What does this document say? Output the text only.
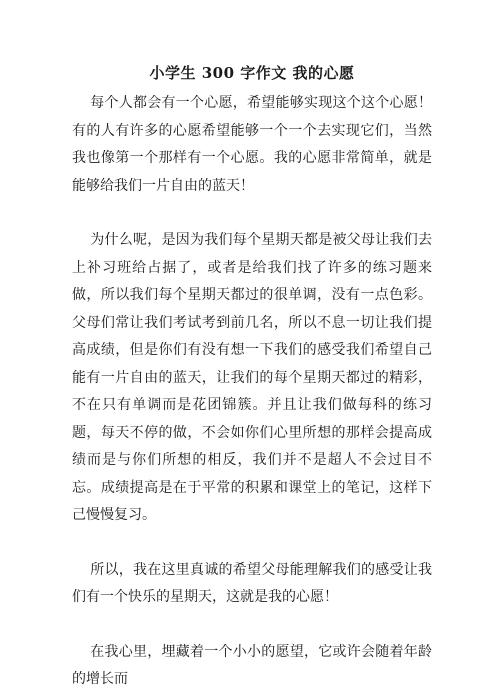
小学生 300 字作文 我的心愿

每个人都会有一个心愿，希望能够实现这个这个心愿！有的人有许多的心愿希望能够一个一个去实现它们，当然我也像第一个那样有一个心愿。我的心愿非常简单，就是能够给我们一片自由的蓝天！

为什么呢，是因为我们每个星期天都是被父母让我们去上补习班给占据了，或者是给我们找了许多的练习题来做，所以我们每个星期天都过的很单调，没有一点色彩。父母们常让我们考试考到前几名，所以不息一切让我们提高成绩，但是你们有没有想一下我们的感受我们希望自己能有一片自由的蓝天，让我们的每个星期天都过的精彩，不在只有单调而是花团锦簇。并且让我们做每科的练习题，每天不停的做，不会如你们心里所想的那样会提高成绩而是与你们所想的相反，我们并不是超人不会过目不忘。成绩提高是在于平常的积累和课堂上的笔记，这样下己慢慢复习。

所以，我在这里真诚的希望父母能理解我们的感受让我们有一个快乐的星期天，这就是我的心愿！

在我心里，埋藏着一个小小的愿望，它或许会随着年龄的增长而
